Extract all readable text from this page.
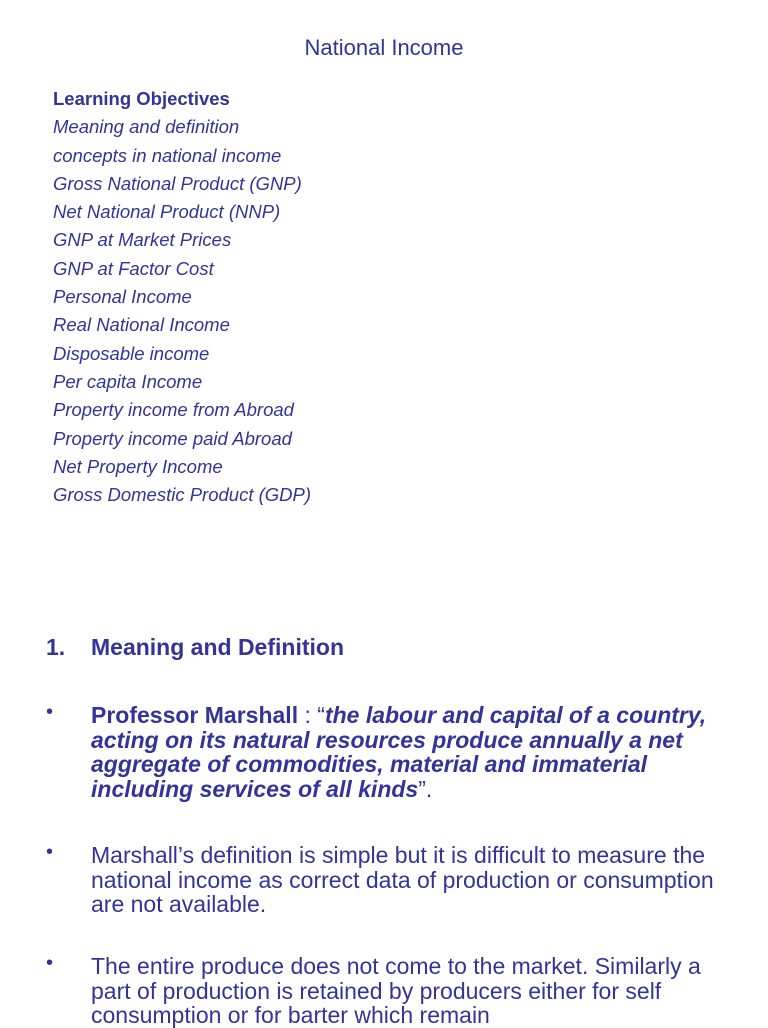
National Income
Learning Objectives
Meaning and definition
concepts in national income
Gross National Product (GNP)
Net National Product (NNP)
GNP at Market Prices
GNP at Factor Cost
Personal Income
Real National Income
Disposable income
Per capita Income
Property income from Abroad
Property income paid Abroad
Net Property Income
Gross Domestic Product (GDP)
1. Meaning and Definition
• Professor Marshall : “the labour and capital of a country, acting on its natural resources produce annually a net aggregate of commodities, material and immaterial including services of all kinds”.
• Marshall’s definition is simple but it is difficult to measure the national income as correct data of production or consumption are not available.
• The entire produce does not come to the market. Similarly a part of production is retained by producers either for self consumption or for barter which remain
